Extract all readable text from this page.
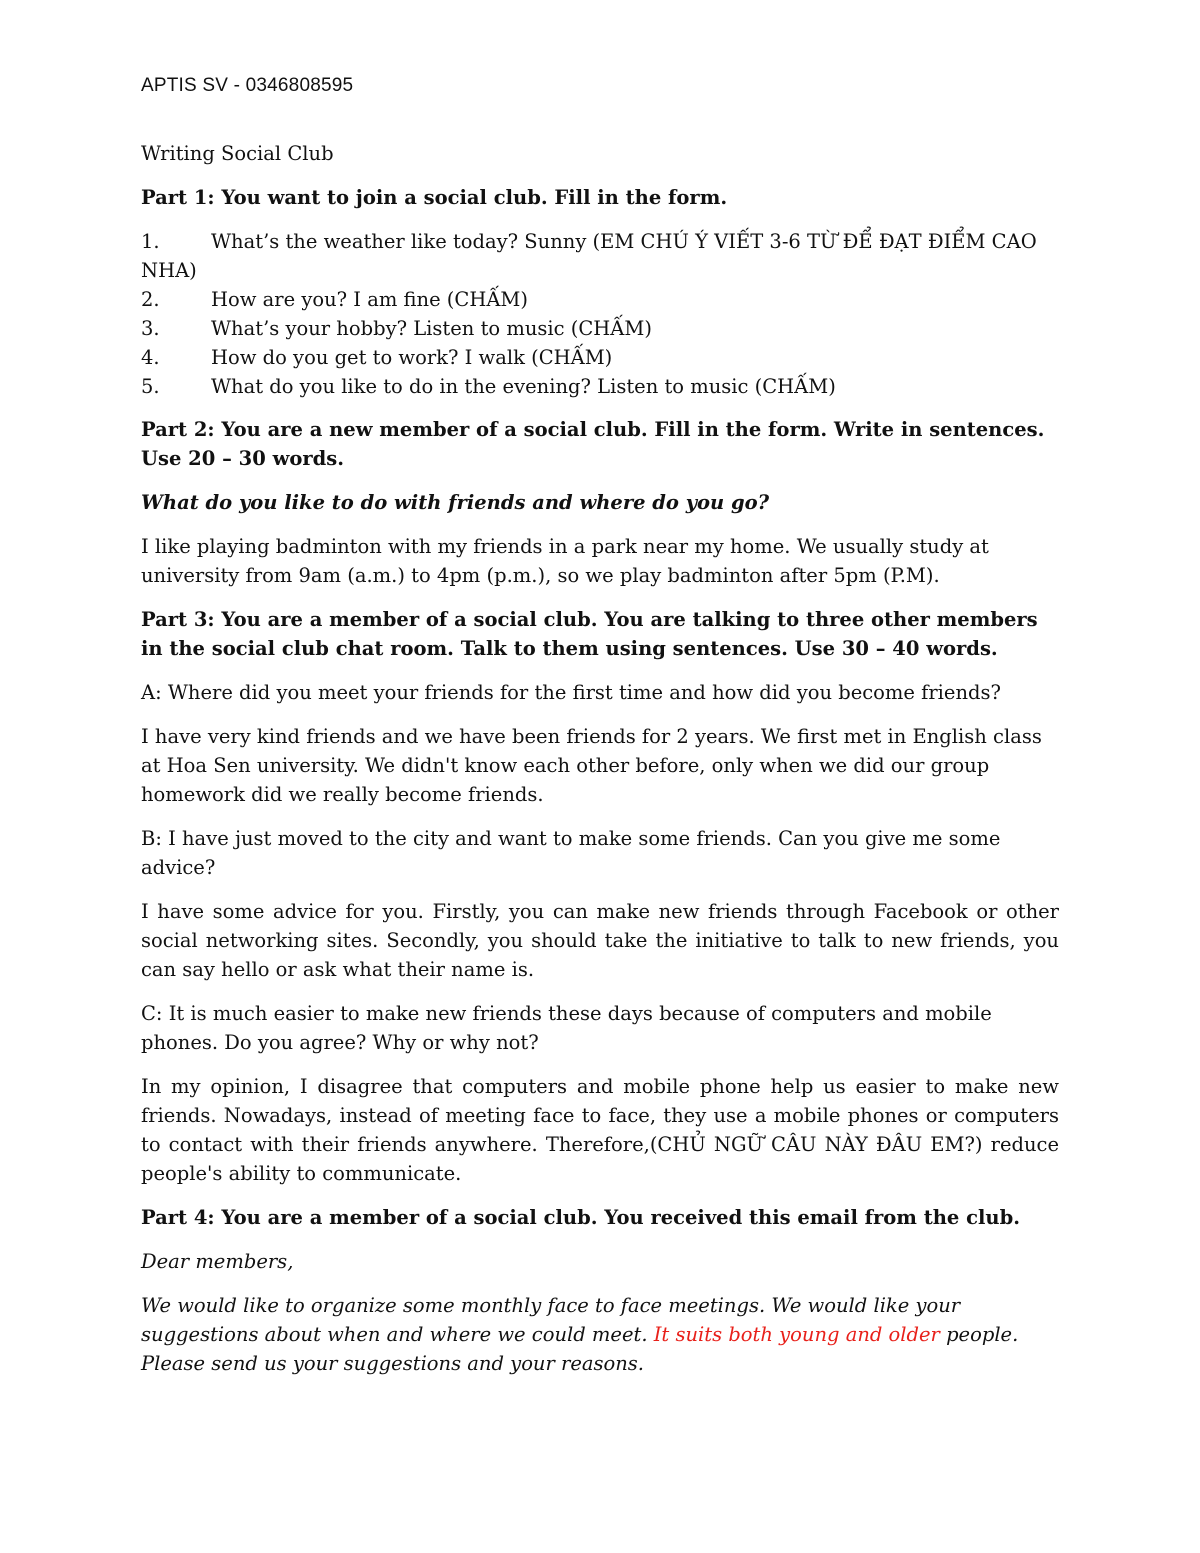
APTIS SV - 0346808595

Writing Social Club

Part 1: You want to join a social club. Fill in the form.

1.	What’s the weather like today? Sunny (EM CHÚ Ý VIẾT 3-6 TỪ ĐỂ ĐẠT ĐIỂM CAO NHA)
2.	How are you? I am fine (CHẤM)
3.	What’s your hobby? Listen to music (CHẤM)
4.	How do you get to work? I walk (CHẤM)
5.	What do you like to do in the evening? Listen to music (CHẤM)

Part 2: You are a new member of a social club. Fill in the form. Write in sentences. Use 20 – 30 words.

What do you like to do with friends and where do you go?

I like playing badminton with my friends in a park near my home. We usually study at university from 9am (a.m.) to 4pm (p.m.), so we play badminton after 5pm (P.M).

Part 3: You are a member of a social club. You are talking to three other members in the social club chat room. Talk to them using sentences. Use 30 – 40 words.

A: Where did you meet your friends for the first time and how did you become friends?

I have very kind friends and we have been friends for 2 years. We first met in English class at Hoa Sen university. We didn't know each other before, only when we did our group homework did we really become friends.

B: I have just moved to the city and want to make some friends. Can you give me some advice?

I have some advice for you. Firstly, you can make new friends through Facebook or other social networking sites. Secondly, you should take the initiative to talk to new friends, you can say hello or ask what their name is.

C: It is much easier to make new friends these days because of computers and mobile phones. Do you agree? Why or why not?

In my opinion, I disagree that computers and mobile phone help us easier to make new friends. Nowadays, instead of meeting face to face, they use a mobile phones or computers to contact with their friends anywhere. Therefore,(CHỦ NGỮ CÂU NÀY ĐÂU EM?) reduce people's ability to communicate.

Part 4: You are a member of a social club. You received this email from the club.

Dear members,

We would like to organize some monthly face to face meetings. We would like your suggestions about when and where we could meet. It suits both young and older people. Please send us your suggestions and your reasons.
